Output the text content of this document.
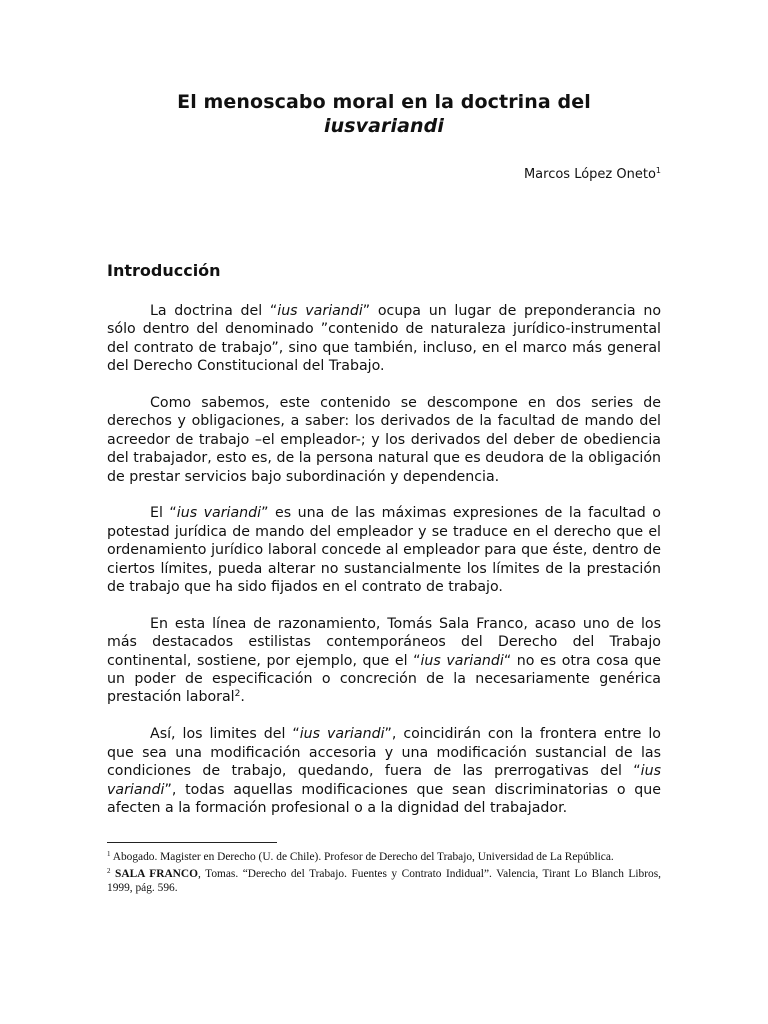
El menoscabo moral en la doctrina del
iusvariandi
Marcos López Oneto$^1$
Introducción

La doctrina del “ius variandi” ocupa un lugar de preponderancia no sólo dentro del denominado ”contenido de naturaleza jurídico-instrumental del contrato de trabajo”, sino que también, incluso, en el marco más general del Derecho Constitucional del Trabajo.

Como sabemos, este contenido se descompone en dos series de derechos y obligaciones, a saber: los derivados de la facultad de mando del acreedor de trabajo –el empleador-; y los derivados del deber de obediencia del trabajador, esto es, de la persona natural que es deudora de la obligación de prestar servicios bajo subordinación y dependencia.

El “ius variandi” es una de las máximas expresiones de la facultad o potestad jurídica de mando del empleador y se traduce en el derecho que el ordenamiento jurídico laboral concede al empleador para que éste, dentro de ciertos límites, pueda alterar no sustancialmente los límites de la prestación de trabajo que ha sido fijados en el contrato de trabajo.

En esta línea de razonamiento, Tomás Sala Franco, acaso uno de los más destacados estilistas contemporáneos del Derecho del Trabajo continental, sostiene, por ejemplo, que el “ius variandi“ no es otra cosa que un poder de especificación o concreción de la necesariamente genérica prestación laboral$^2$.

Así, los limites del “ius variandi”, coincidirán con la frontera entre lo que sea una modificación accesoria y una modificación sustancial de las condiciones de trabajo, quedando, fuera de las prerrogativas del “ius variandi”, todas aquellas modificaciones que sean discriminatorias o que afecten a la formación profesional o a la dignidad del trabajador.

$^1$ Abogado. Magister en Derecho (U. de Chile). Profesor de Derecho del Trabajo, Universidad de La República.

$^2$ SALA FRANCO, Tomas. “Derecho del Trabajo. Fuentes y Contrato Indidual”. Valencia, Tirant Lo Blanch Libros, 1999, pág. 596.
